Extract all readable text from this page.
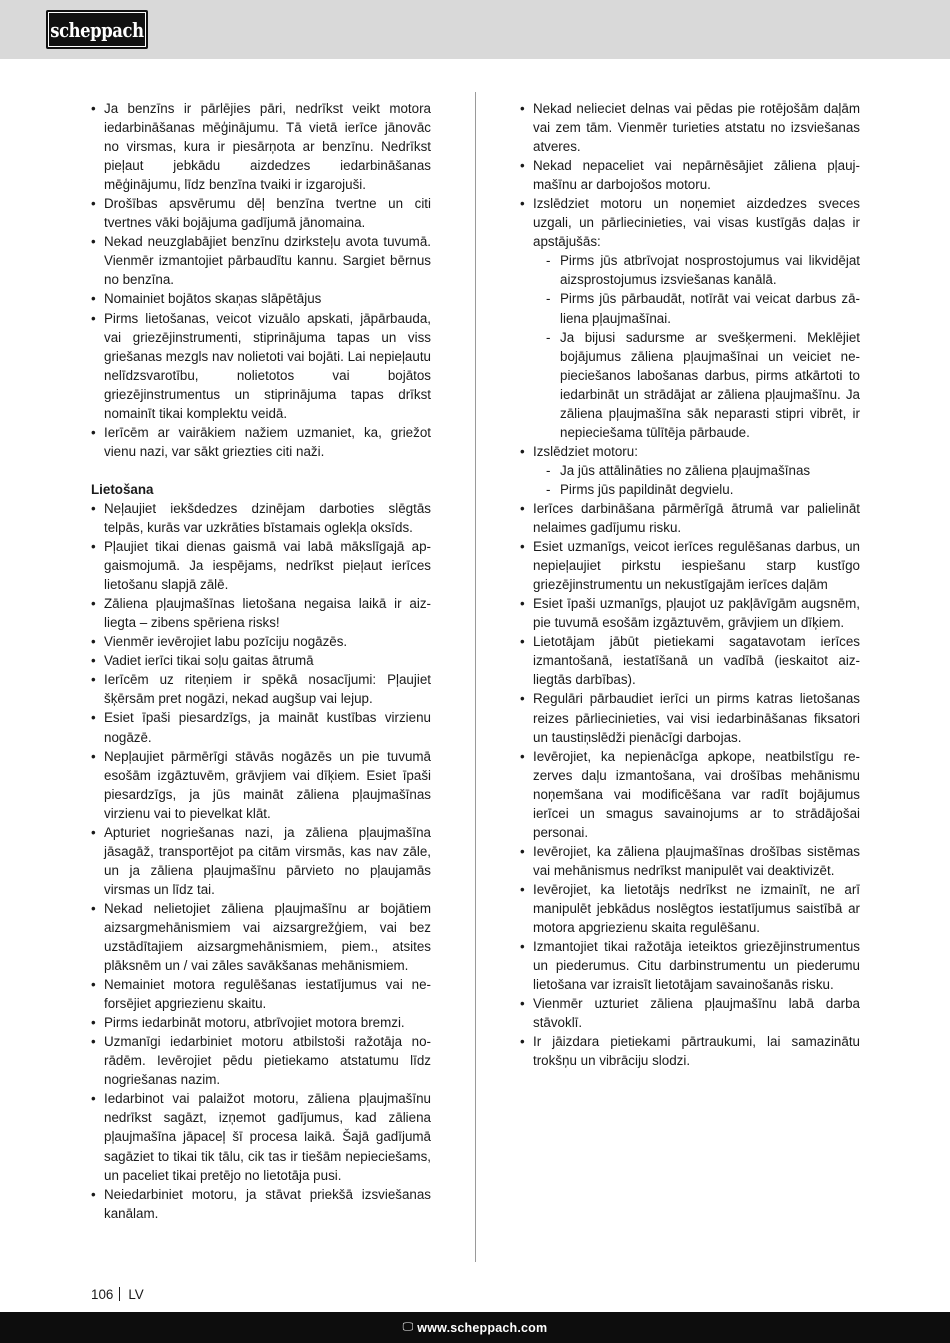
scheppach
• Ja benzīns ir pārlējies pāri, nedrīkst veikt motora iedarbināšanas mēģinājumu. Tā vietā ierīce jānovāc no virsmas, kura ir piesārņota ar benzīnu. Nedrīkst pieļaut jebkādu aizdedzes iedarbināšanas mēģinājumu, līdz benzīna tvaiki ir izgarojuši.
• Drošības apsvērumu dēļ benzīna tvertne un citi tvertnes vāki bojājuma gadījumā jānomaina.
• Nekad neuzglabājiet benzīnu dzirksteļu avota tuvumā. Vienmēr izmantojiet pārbaudītu kannu. Sargiet bērnus no benzīna.
• Nomainiet bojātos skaņas slāpētājus
• Pirms lietošanas, veicot vizuālo apskati, jāpārbauda, vai griezējinstrumenti, stiprinājuma tapas un viss griešanas mezgls nav nolietoti vai bojāti. Lai nepieļautu nelīdzsvarotību, nolietotos vai bojātos griezējinstrumentus un stiprinājuma tapas drīkst nomainīt tikai komplektu veidā.
• Ierīcēm ar vairākiem nažiem uzmaniet, ka, griežot vienu nazi, var sākt griezties citi naži.
Lietošana
• Neļaujiet iekšdedzes dzinējam darboties slēgtās telpās, kurās var uzkrāties bīstamais oglekļa oksīds.
• Pļaujiet tikai dienas gaismā vai labā mākslīgajā apgaismojumā. Ja iespējams, nedrīkst pieļaut ierīces lietošanu slapjā zālē.
• Zāliena pļaujmašīnas lietošana negaisa laikā ir aizliegta – zibens spēriena risks!
• Vienmēr ievērojiet labu pozīciju nogāzēs.
• Vadiet ierīci tikai soļu gaitas ātrumā
• Ierīcēm uz riteņiem ir spēkā nosacījumi: Pļaujiet šķērsām pret nogāzi, nekad augšup vai lejup.
• Esiet īpaši piesardzīgs, ja maināt kustības virzienu nogāzē.
• Nepļaujiet pārmērīgi stāvās nogāzēs un pie tuvumā esošām izgāztuvēm, grāvjiem vai dīķiem. Esiet īpaši piesardzīgs, ja jūs maināt zāliena pļaujmašīnas virzienu vai to pievelkat klāt.
• Apturiet nogriešanas nazi, ja zāliena pļaujmašīna jāsagāž, transportējot pa citām virsmās, kas nav zāle, un ja zāliena pļaujmašīnu pārvieto no pļaujamās virsmas un līdz tai.
• Nekad nelietojiet zāliena pļaujmašīnu ar bojātiem aizsargmehānismiem vai aizsargrežģiem, vai bez uzstādītajiem aizsargmehānismiem, piem., atsites plāksnēm un / vai zāles savākšanas mehānismiem.
• Nemainiet motora regulēšanas iestatījumus vai neforsējiet apgriezienu skaitu.
• Pirms iedarbināt motoru, atbrīvojiet motora bremzi.
• Uzmanīgi iedarbiniet motoru atbilstoši ražotāja norādēm. Ievērojiet pēdu pietiekamo atstatumu līdz nogriešanas nazim.
• Iedarbinot vai palaižot motoru, zāliena pļaujmašīnu nedrīkst sagāzt, izņemot gadījumus, kad zāliena pļaujmašīna jāpaceļ šī procesa laikā. Šajā gadījumā sagāziet to tikai tik tālu, cik tas ir tiešām nepieciešams, un paceliet tikai pretējo no lietotāja pusi.
• Neiedarbiniet motoru, ja stāvat priekšā izsviešanas kanālam.
• Nekad nelieciet delnas vai pēdas pie rotējošām daļām vai zem tām. Vienmēr turieties atstatu no izsviešanas atveres.
• Nekad nepaceliet vai nepārnēsājiet zāliena pļaujmašīnu ar darbojošos motoru.
• Izslēdziet motoru un noņemiet aizdedzes sveces uzgali, un pārliecinieties, vai visas kustīgās daļas ir apstājušās:
- Pirms jūs atbrīvojat nosprostojumus vai likvidējat aizsprostojumus izsviešanas kanālā.
- Pirms jūs pārbaudāt, notīrāt vai veicat darbus zāliena pļaujmašīnai.
- Ja bijusi sadursme ar svešķermeni. Meklējiet bojājumus zāliena pļaujmašīnai un veiciet nepieciešanos labošanas darbus, pirms atkārtoti to iedarbināt un strādājat ar zāliena pļaujmašīnu. Ja zāliena pļaujmašīna sāk neparasti stipri vibrēt, ir nepieciešama tūlītēja pārbaude.
• Izslēdziet motoru:
- Ja jūs attālināties no zāliena pļaujmašīnas
- Pirms jūs papildināt degvielu.
• Ierīces darbināšana pārmērīgā ātrumā var palielināt nelaimes gadījumu risku.
• Esiet uzmanīgs, veicot ierīces regulēšanas darbus, un nepieļaujiet pirkstu iespiešanu starp kustīgo griezējinstrumentu un nekustīgajām ierīces daļām
• Esiet īpaši uzmanīgs, pļaujot uz pakļāvīgām augsnēm, pie tuvumā esošām izgāztuvēm, grāvjiem un dīķiem.
• Lietotājam jābūt pietiekami sagatavotam ierīces izmantošanā, iestatīšanā un vadībā (ieskaitot aizliegtās darbības).
• Regulāri pārbaudiet ierīci un pirms katras lietošanas reizes pārliecinieties, vai visi iedarbināšanas fiksatori un taustiņslēdži pienācīgi darbojas.
• Ievērojiet, ka nepienācīga apkope, neatbilstīgu rezerves daļu izmantošana, vai drošības mehānismu noņemšana vai modificēšana var radīt bojājumus ierīcei un smagus savainojums ar to strādājošai personai.
• Ievērojiet, ka zāliena pļaujmašīnas drošības sistēmas vai mehānismus nedrīkst manipulēt vai deaktivizēt.
• Ievērojiet, ka lietotājs nedrīkst ne izmainīt, ne arī manipulēt jebkādus noslēgtos iestatījumus saistībā ar motora apgriezienu skaita regulēšanu.
• Izmantojiet tikai ražotāja ieteiktos griezējinstrumentus un piederumus. Citu darbinstrumentu un piederumu lietošana var izraisīt lietotājam savainošanās risku.
• Vienmēr uzturiet zāliena pļaujmašīnu labā darba stāvoklī.
• Ir jāizdara pietiekami pārtraukumi, lai samazinātu trokšņu un vibrāciju slodzi.
106 LV
🖵 www.scheppach.com
